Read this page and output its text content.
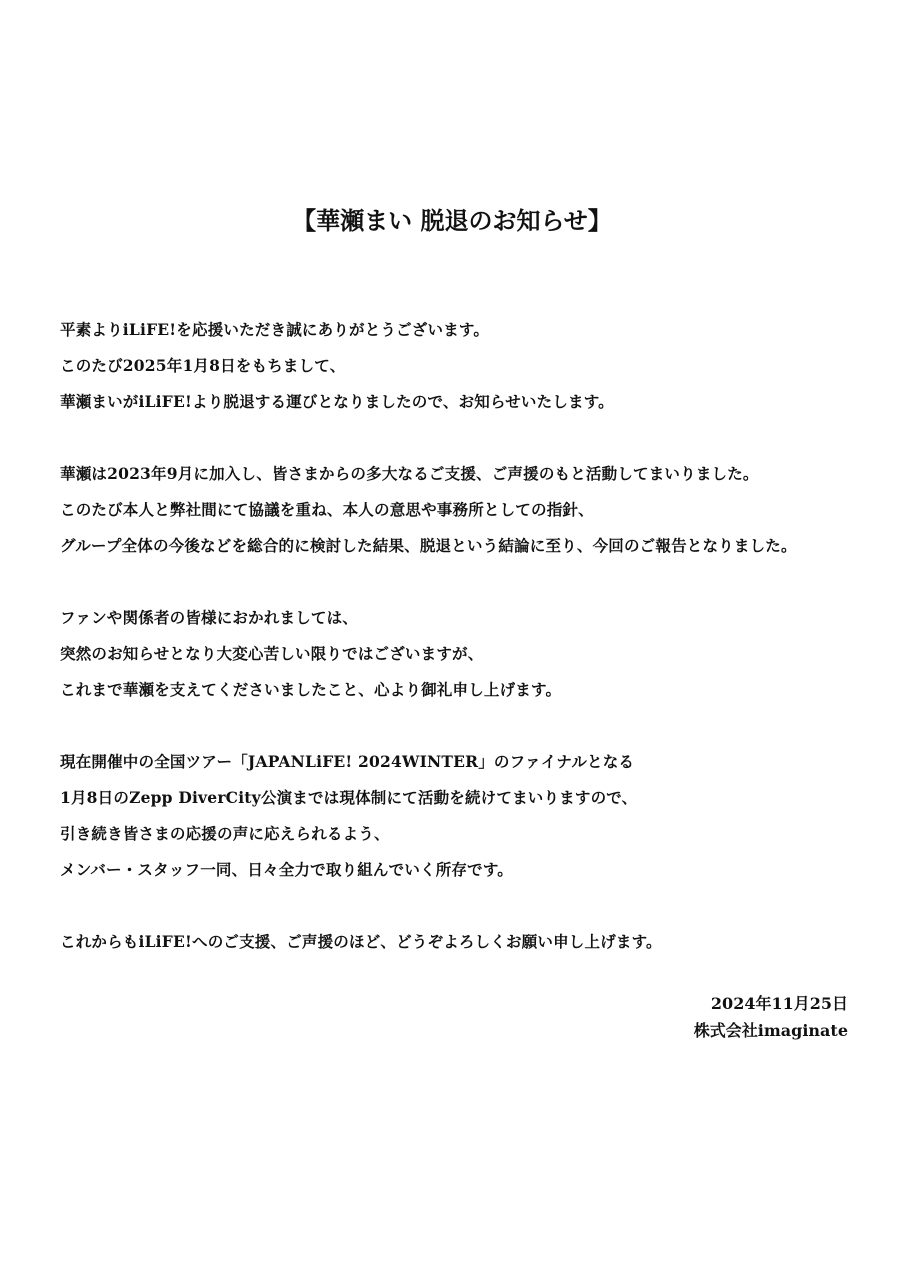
【華瀬まい 脱退のお知らせ】
平素よりiLiFE!を応援いただき誠にありがとうございます。
このたび2025年1月8日をもちまして、
華瀬まいがiLiFE!より脱退する運びとなりましたので、お知らせいたします。
華瀬は2023年9月に加入し、皆さまからの多大なるご支援、ご声援のもと活動してまいりました。
このたび本人と弊社間にて協議を重ね、本人の意思や事務所としての指針、
グループ全体の今後などを総合的に検討した結果、脱退という結論に至り、今回のご報告となりました。
ファンや関係者の皆様におかれましては、
突然のお知らせとなり大変心苦しい限りではございますが、
これまで華瀬を支えてくださいましたこと、心より御礼申し上げます。
現在開催中の全国ツアー「JAPANLiFE! 2024WINTER」のファイナルとなる
1月8日のZepp DiverCity公演までは現体制にて活動を続けてまいりますので、
引き続き皆さまの応援の声に応えられるよう、
メンバー・スタッフ一同、日々全力で取り組んでいく所存です。
これからもiLiFE!へのご支援、ご声援のほど、どうぞよろしくお願い申し上げます。
2024年11月25日
株式会社imaginate
